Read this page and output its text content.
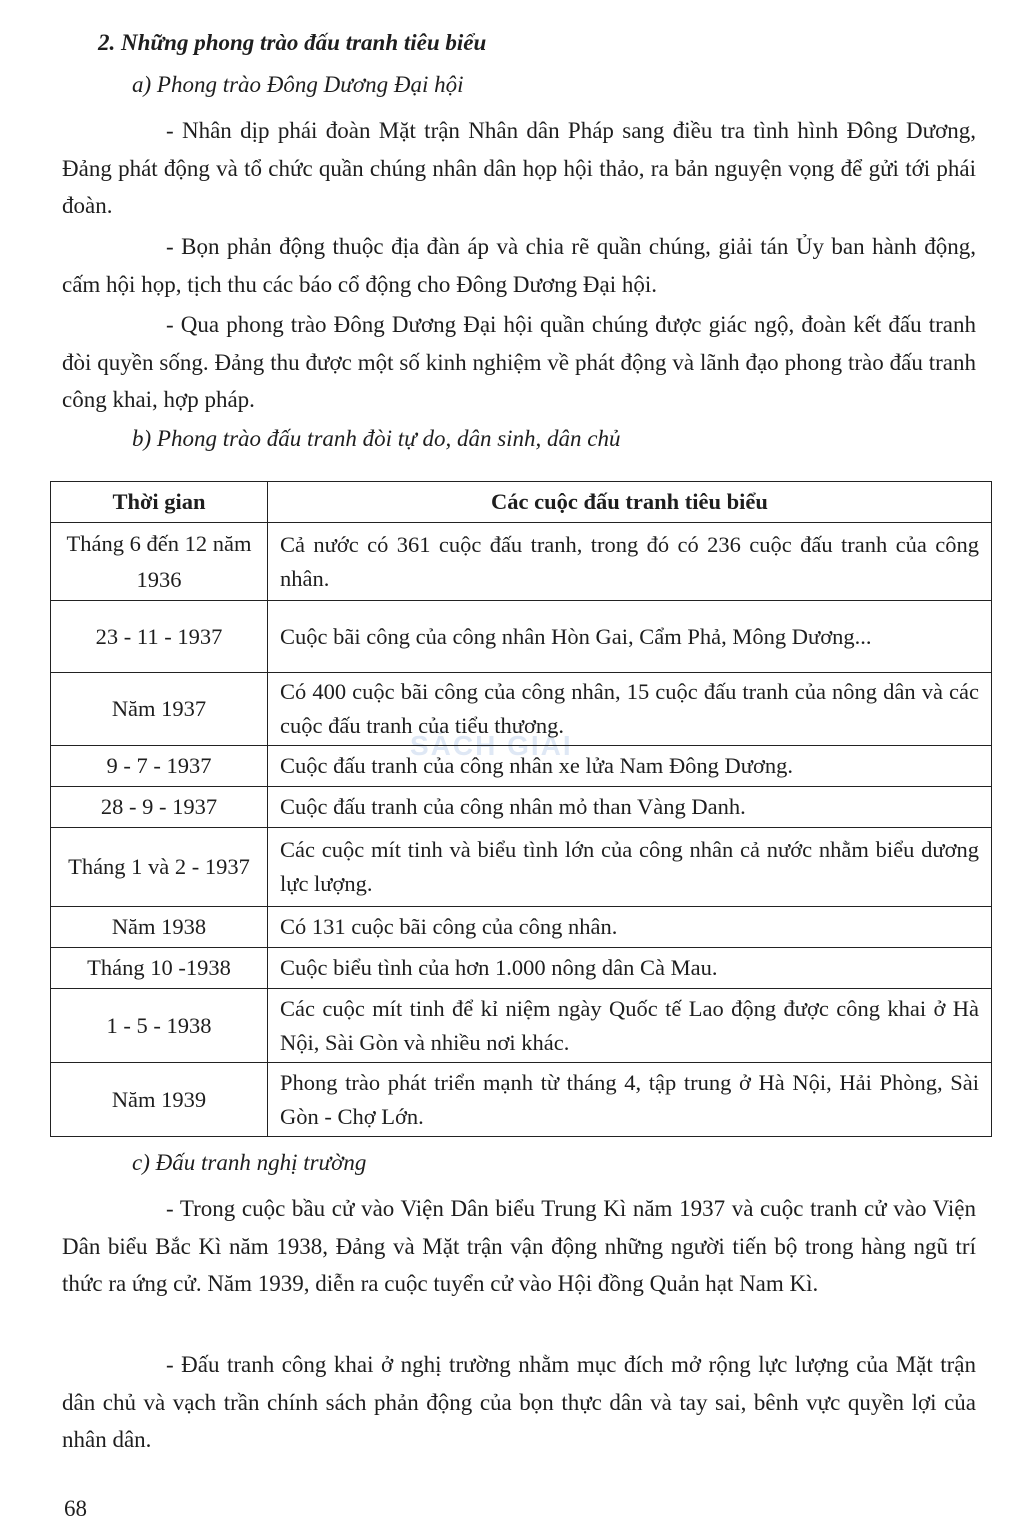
2. Những phong trào đấu tranh tiêu biểu
a) Phong trào Đông Dương Đại hội

- Nhân dịp phái đoàn Mặt trận Nhân dân Pháp sang điều tra tình hình Đông Dương, Đảng phát động và tổ chức quần chúng nhân dân họp hội thảo, ra bản nguyện vọng để gửi tới phái đoàn.

- Bọn phản động thuộc địa đàn áp và chia rẽ quần chúng, giải tán Ủy ban hành động, cấm hội họp, tịch thu các báo cổ động cho Đông Dương Đại hội.

- Qua phong trào Đông Dương Đại hội quần chúng được giác ngộ, đoàn kết đấu tranh đòi quyền sống. Đảng thu được một số kinh nghiệm về phát động và lãnh đạo phong trào đấu tranh công khai, hợp pháp.

b) Phong trào đấu tranh đòi tự do, dân sinh, dân chủ
SÁCH GIẢI
Thời gian	Các cuộc đấu tranh tiêu biểu
Tháng 6 đến 12 năm 1936	Cả nước có 361 cuộc đấu tranh, trong đó có 236 cuộc đấu tranh của công nhân.
23 - 11 - 1937	Cuộc bãi công của công nhân Hòn Gai, Cẩm Phả, Mông Dương...
Năm 1937	Có 400 cuộc bãi công của công nhân, 15 cuộc đấu tranh của nông dân và các cuộc đấu tranh của tiểu thương.
9 - 7 - 1937	Cuộc đấu tranh của công nhân xe lửa Nam Đông Dương.
28 - 9 - 1937	Cuộc đấu tranh của công nhân mỏ than Vàng Danh.
Tháng 1 và 2 - 1937	Các cuộc mít tinh và biểu tình lớn của công nhân cả nước nhằm biểu dương lực lượng.
Năm 1938	Có 131 cuộc bãi công của công nhân.
Tháng 10 -1938	Cuộc biểu tình của hơn 1.000 nông dân Cà Mau.
1 - 5 - 1938	Các cuộc mít tinh để kỉ niệm ngày Quốc tế Lao động được công khai ở Hà Nội, Sài Gòn và nhiều nơi khác.
Năm 1939	Phong trào phát triển mạnh từ tháng 4, tập trung ở Hà Nội, Hải Phòng, Sài Gòn - Chợ Lớn.
c) Đấu tranh nghị trường

- Trong cuộc bầu cử vào Viện Dân biểu Trung Kì năm 1937 và cuộc tranh cử vào Viện Dân biểu Bắc Kì năm 1938, Đảng và Mặt trận vận động những người tiến bộ trong hàng ngũ trí thức ra ứng cử. Năm 1939, diễn ra cuộc tuyển cử vào Hội đồng Quản hạt Nam Kì.

- Đấu tranh công khai ở nghị trường nhằm mục đích mở rộng lực lượng của Mặt trận dân chủ và vạch trần chính sách phản động của bọn thực dân và tay sai, bênh vực quyền lợi của nhân dân.

68
